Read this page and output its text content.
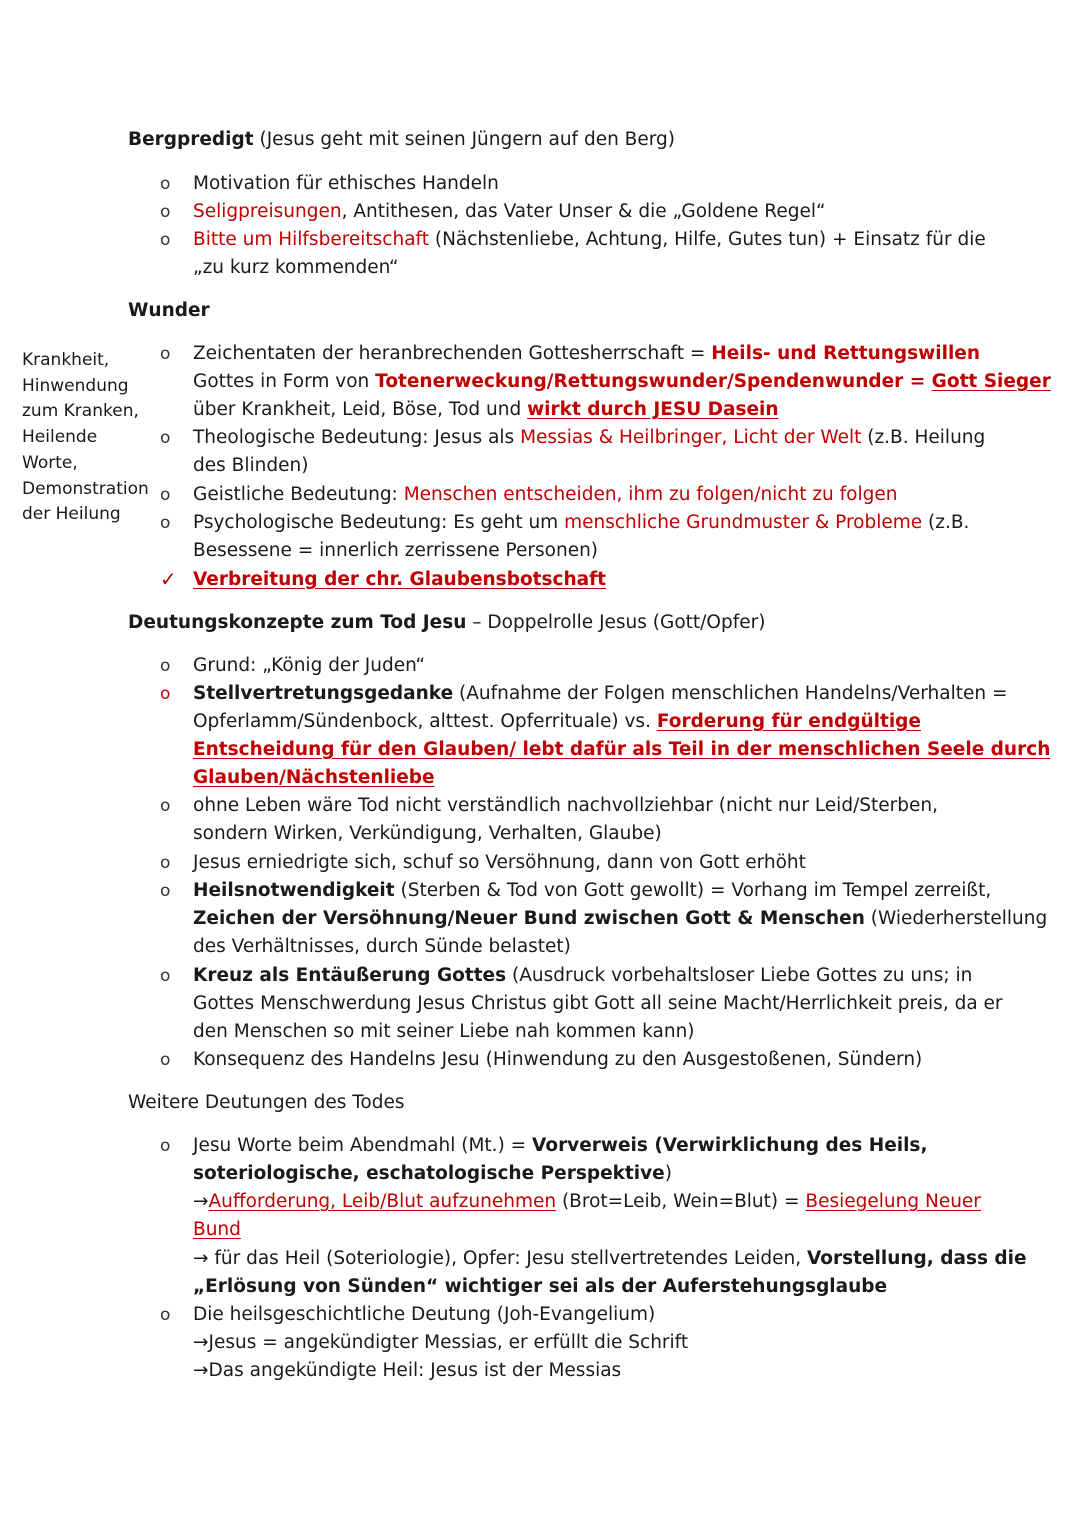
Bergpredigt (Jesus geht mit seinen Jüngern auf den Berg)
o Motivation für ethisches Handeln
o Seligpreisungen, Antithesen, das Vater Unser & die „Goldene Regel“
o Bitte um Hilfsbereitschaft (Nächstenliebe, Achtung, Hilfe, Gutes tun) + Einsatz für die
„zu kurz kommenden“
Wunder
Krankheit,
Hinwendung
zum Kranken,
Heilende
Worte,
Demonstration
der Heilung
o Zeichentaten der heranbrechenden Gottesherrschaft = Heils- und Rettungswillen
Gottes in Form von Totenerweckung/Rettungswunder/Spendenwunder = Gott Sieger
über Krankheit, Leid, Böse, Tod und wirkt durch JESU Dasein
o Theologische Bedeutung: Jesus als Messias & Heilbringer, Licht der Welt (z.B. Heilung
des Blinden)
o Geistliche Bedeutung: Menschen entscheiden, ihm zu folgen/nicht zu folgen
o Psychologische Bedeutung: Es geht um menschliche Grundmuster & Probleme (z.B.
Besessene = innerlich zerrissene Personen)
✓ Verbreitung der chr. Glaubensbotschaft
Deutungskonzepte zum Tod Jesu – Doppelrolle Jesus (Gott/Opfer)
o Grund: „König der Juden“
o Stellvertretungsgedanke (Aufnahme der Folgen menschlichen Handelns/Verhalten =
Opferlamm/Sündenbock, alttest. Opferrituale) vs. Forderung für endgültige
Entscheidung für den Glauben/ lebt dafür als Teil in der menschlichen Seele durch
Glauben/Nächstenliebe
o ohne Leben wäre Tod nicht verständlich nachvollziehbar (nicht nur Leid/Sterben,
sondern Wirken, Verkündigung, Verhalten, Glaube)
o Jesus erniedrigte sich, schuf so Versöhnung, dann von Gott erhöht
o Heilsnotwendigkeit (Sterben & Tod von Gott gewollt) = Vorhang im Tempel zerreißt,
Zeichen der Versöhnung/Neuer Bund zwischen Gott & Menschen (Wiederherstellung
des Verhältnisses, durch Sünde belastet)
o Kreuz als Entäußerung Gottes (Ausdruck vorbehaltsloser Liebe Gottes zu uns; in
Gottes Menschwerdung Jesus Christus gibt Gott all seine Macht/Herrlichkeit preis, da er
den Menschen so mit seiner Liebe nah kommen kann)
o Konsequenz des Handelns Jesu (Hinwendung zu den Ausgestoßenen, Sündern)
Weitere Deutungen des Todes
o Jesu Worte beim Abendmahl (Mt.) = Vorverweis (Verwirklichung des Heils,
soteriologische, eschatologische Perspektive)
→Aufforderung, Leib/Blut aufzunehmen (Brot=Leib, Wein=Blut) = Besiegelung Neuer
Bund
→ für das Heil (Soteriologie), Opfer: Jesu stellvertretendes Leiden, Vorstellung, dass die
„Erlösung von Sünden“ wichtiger sei als der Auferstehungsglaube
o Die heilsgeschichtliche Deutung (Joh-Evangelium)
→Jesus = angekündigter Messias, er erfüllt die Schrift
→Das angekündigte Heil: Jesus ist der Messias
